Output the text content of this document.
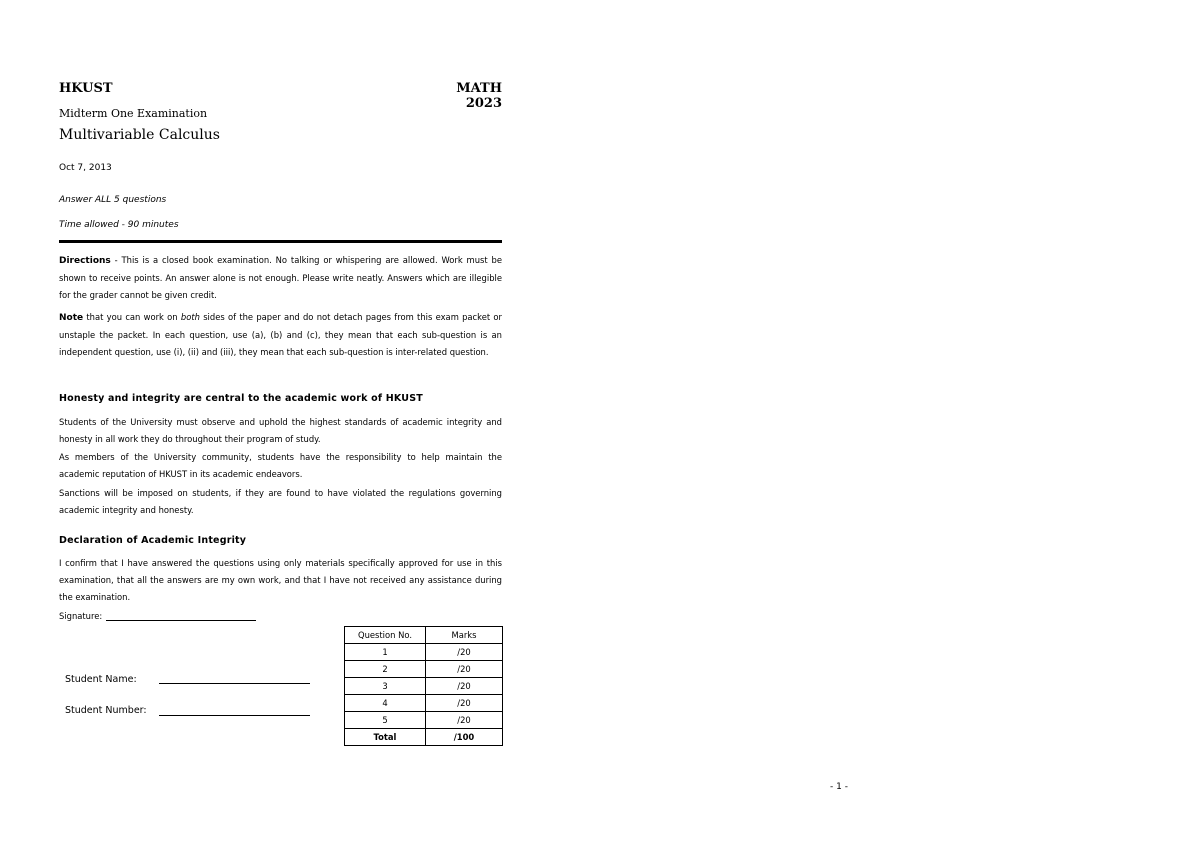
HKUST	MATH 2023
Midterm One Examination
Multivariable Calculus
Oct 7, 2013
Answer ALL 5 questions
Time allowed - 90 minutes
Directions - This is a closed book examination. No talking or whispering are allowed. Work must be shown to receive points. An answer alone is not enough. Please write neatly. Answers which are illegible for the grader cannot be given credit.
Note that you can work on both sides of the paper and do not detach pages from this exam packet or unstaple the packet. In each question, use (a), (b) and (c), they mean that each sub-question is an independent question, use (i), (ii) and (iii), they mean that each sub-question is inter-related question.
Honesty and integrity are central to the academic work of HKUST
Students of the University must observe and uphold the highest standards of academic integrity and honesty in all work they do throughout their program of study.
As members of the University community, students have the responsibility to help maintain the academic reputation of HKUST in its academic endeavors.
Sanctions will be imposed on students, if they are found to have violated the regulations governing academic integrity and honesty.
Declaration of Academic Integrity
I confirm that I have answered the questions using only materials specifically approved for use in this examination, that all the answers are my own work, and that I have not received any assistance during the examination.
Signature:
Student Name:
Student Number:
Question No.	Marks
1	/20
2	/20
3	/20
4	/20
5	/20
Total	/100
- 1 -
